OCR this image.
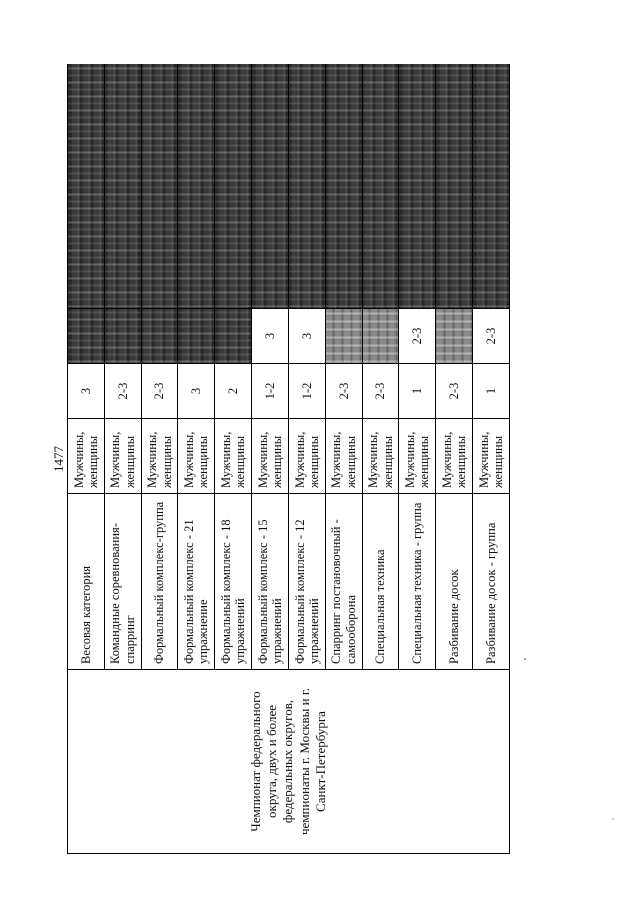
1477
Чемпионат федерального округа, двух и более федеральных округов, чемпионаты г. Москвы и г. Санкт-Петербурга	Весовая категория	Мужчины, женщины	3		
	Командные соревнования-спарринг	Мужчины, женщины	2-3		
	Формальный комплекс-группа	Мужчины, женщины	2-3		
	Формальный комплекс - 21 упражнение	Мужчины, женщины	3		
	Формальный комплекс - 18 упражнений	Мужчины, женщины	2		
	Формальный комплекс - 15 упражнений	Мужчины, женщины	1-2	3	
	Формальный комплекс - 12 упражнений	Мужчины, женщины	1-2	3	
	Спарринг постановочный - самооборона	Мужчины, женщины	2-3		
	Специальная техника	Мужчины, женщины	2-3		
	Специальная техника - группа	Мужчины, женщины	1	2-3	
	Разбивание досок	Мужчины, женщины	2-3		
	Разбивание досок - группа	Мужчины, женщины	1	2-3	
